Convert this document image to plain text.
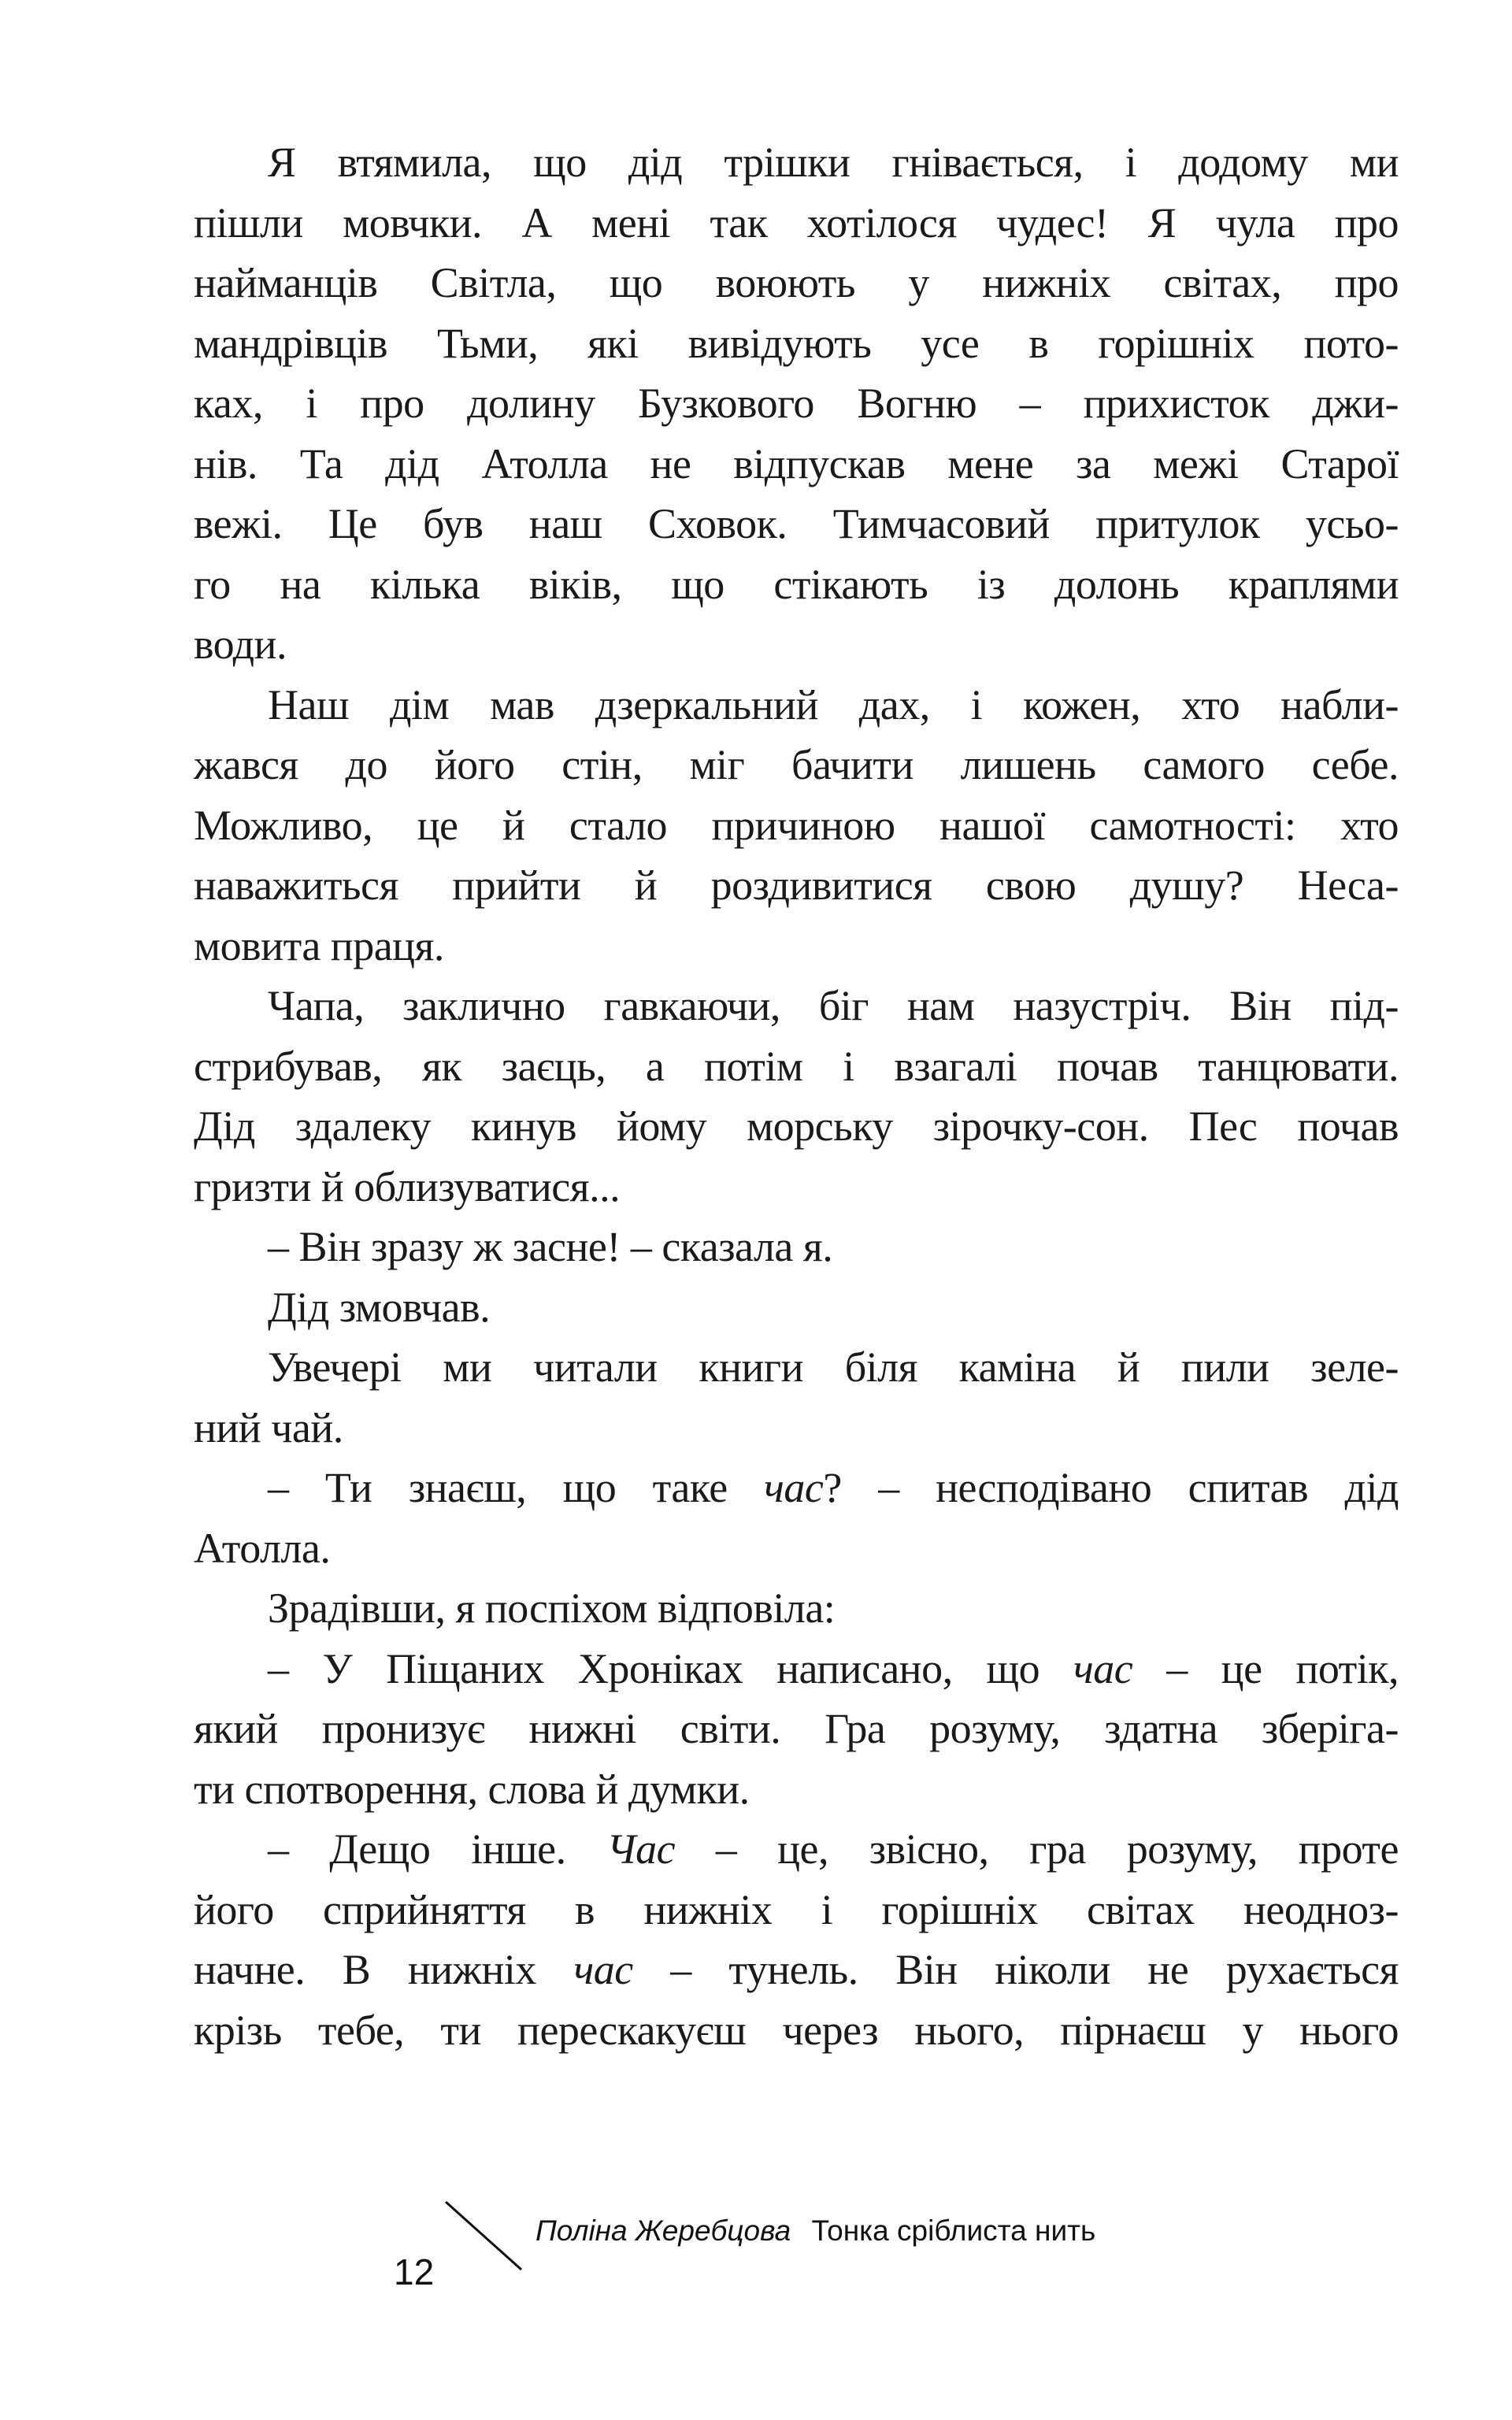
Я втямила, що дід трішки гнівається, і додому ми
пішли мовчки. А мені так хотілося чудес! Я чула про
найманців Світла, що воюють у нижніх світах, про
мандрівців Тьми, які вивідують усе в горішніх пото-
ках, і про долину Бузкового Вогню – прихисток джи-
нів. Та дід Атолла не відпускав мене за межі Старої
вежі. Це був наш Сховок. Тимчасовий притулок усьо-
го на кілька віків, що стікають із долонь краплями
води.
Наш дім мав дзеркальний дах, і кожен, хто набли-
жався до його стін, міг бачити лишень самого себе.
Можливо, це й стало причиною нашої самотності: хто
наважиться прийти й роздивитися свою душу? Неса-
мовита праця.
Чапа, заклично гавкаючи, біг нам назустріч. Він під-
стрибував, як заєць, а потім і взагалі почав танцювати.
Дід здалеку кинув йому морську зірочку-сон. Пес почав
гризти й облизуватися...
– Він зразу ж засне! – сказала я.
Дід змовчав.
Увечері ми читали книги біля каміна й пили зеле-
ний чай.
– Ти знаєш, що таке час? – несподівано спитав дід
Атолла.
Зрадівши, я поспіхом відповіла:
– У Піщаних Хроніках написано, що час – це потік,
який пронизує нижні світи. Гра розуму, здатна зберіга-
ти спотворення, слова й думки.
– Дещо інше. Час – це, звісно, гра розуму, проте
його сприйняття в нижніх і горішніх світах неодноз-
начне. В нижніх час – тунель. Він ніколи не рухається
крізь тебе, ти перескакуєш через нього, пірнаєш у нього
12
Поліна Жеребцова Тонка сріблиста нить
